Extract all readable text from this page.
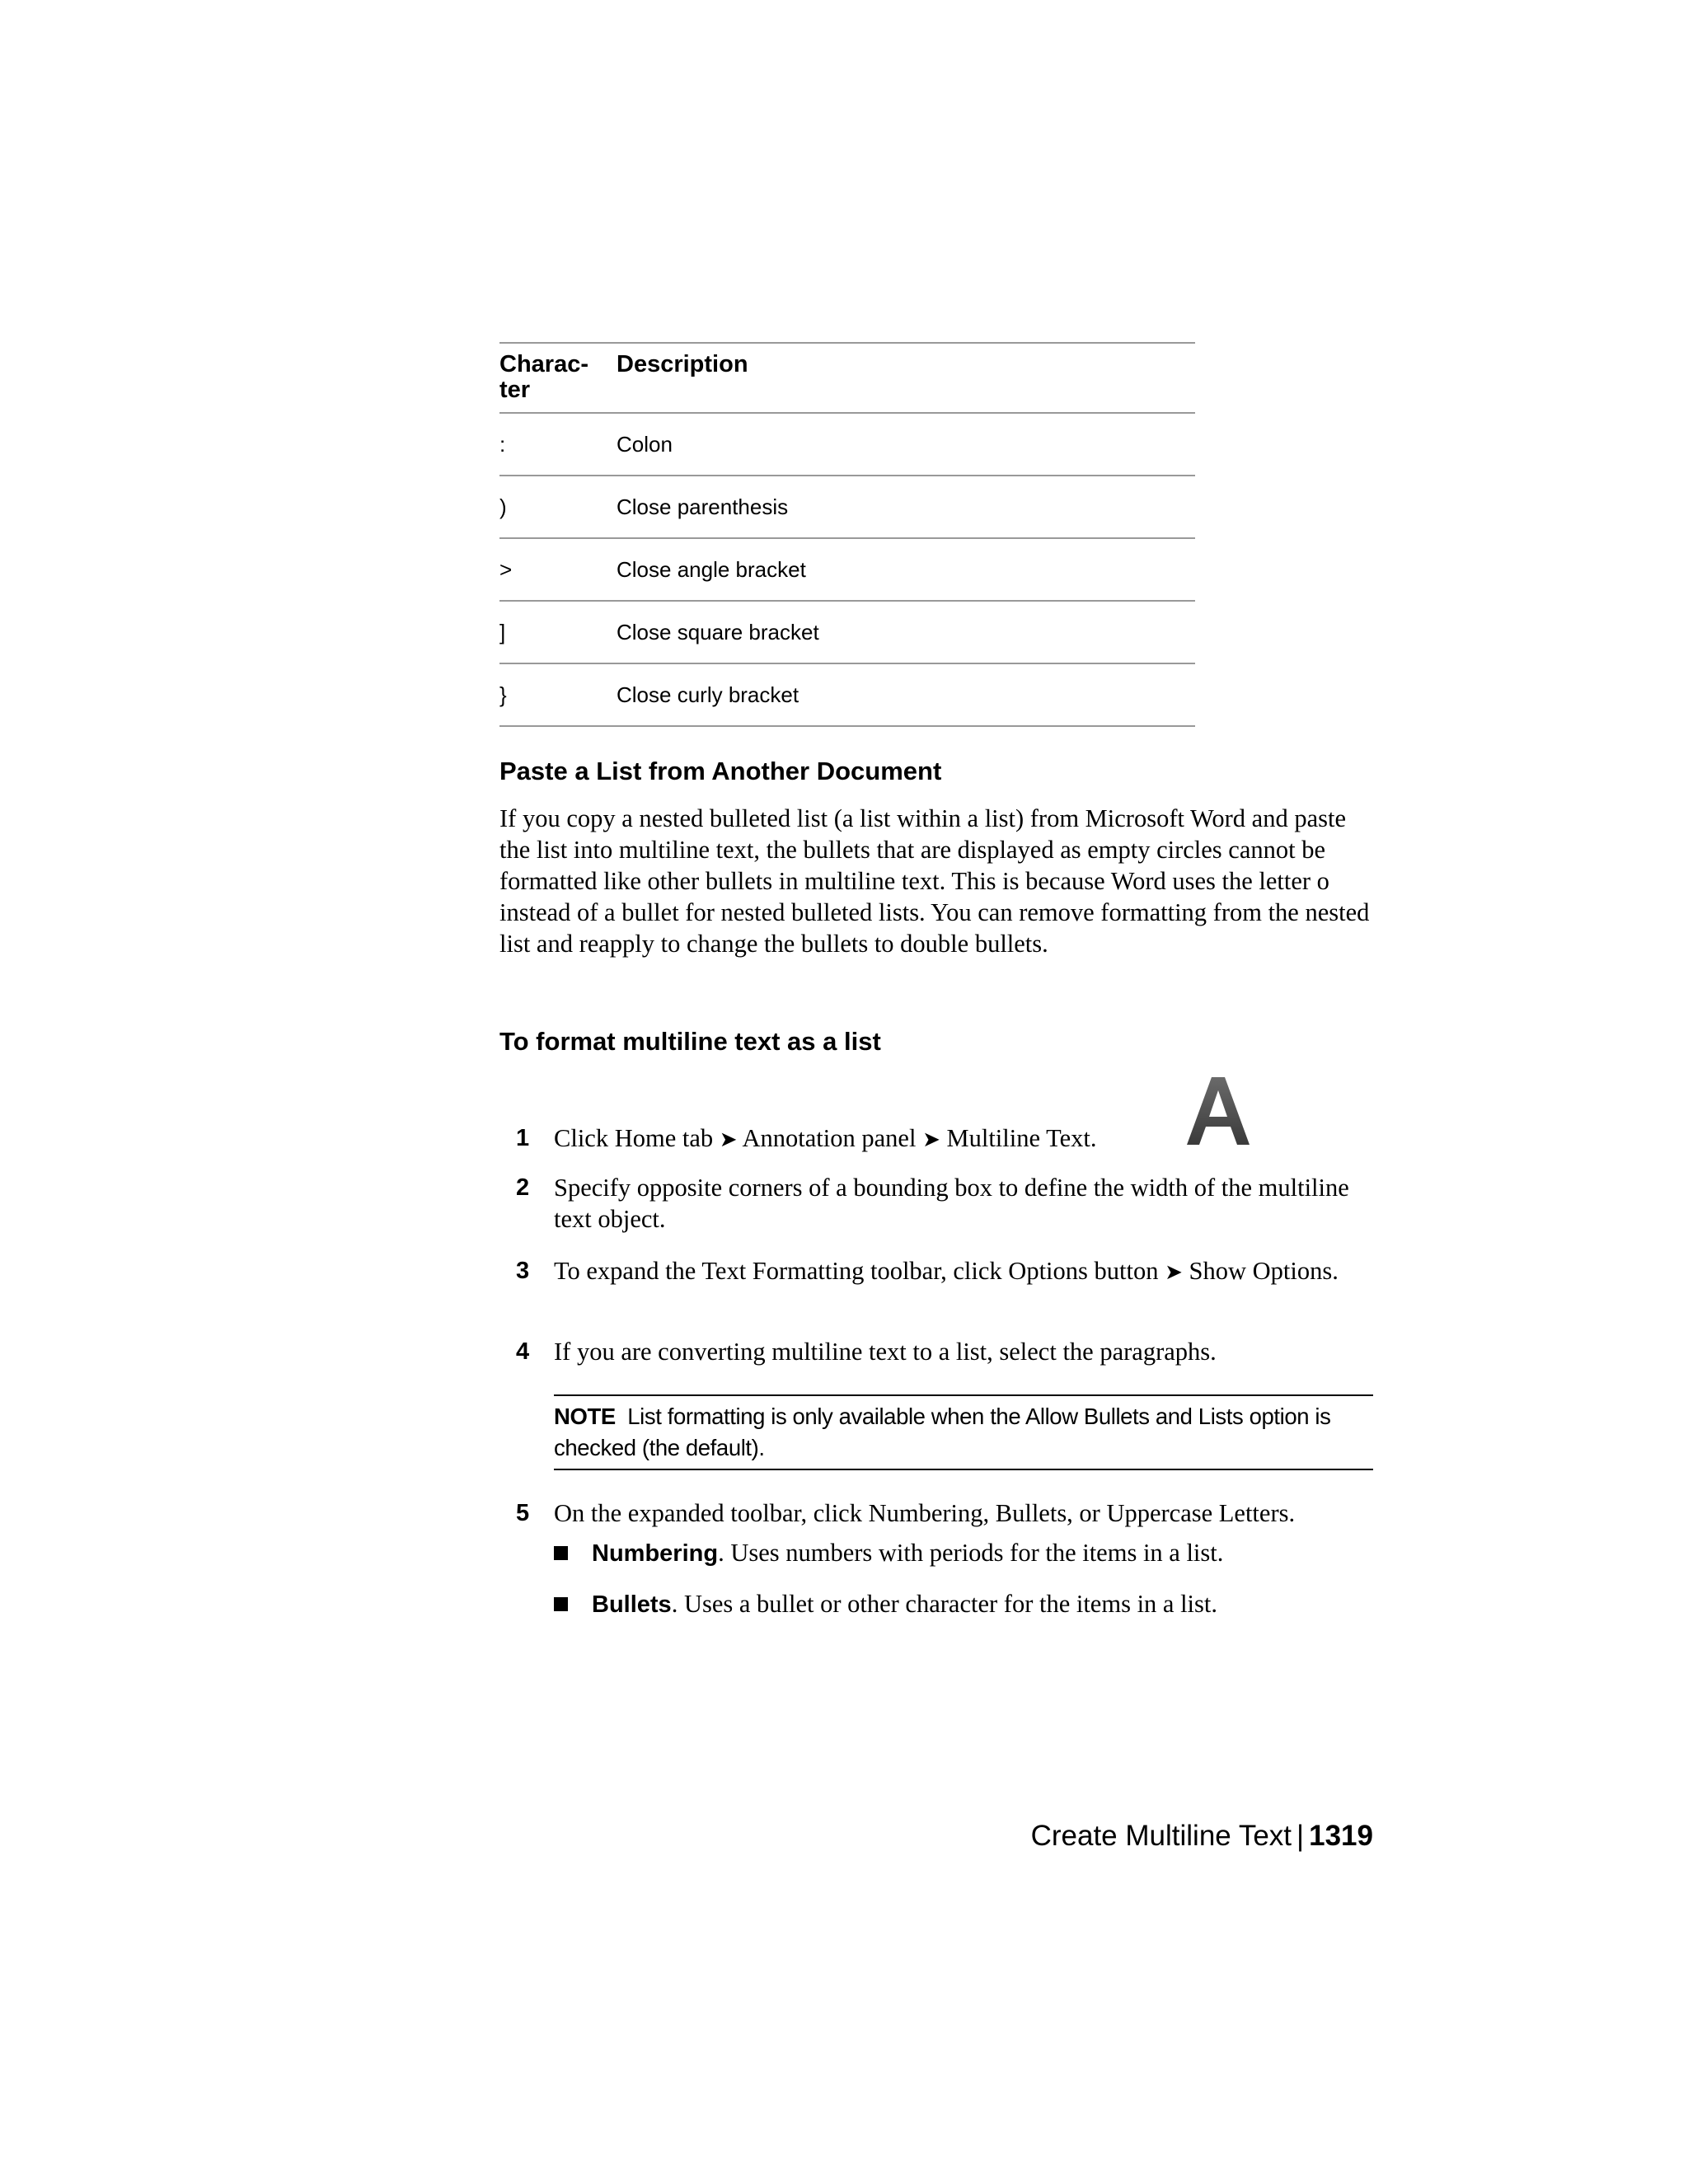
Charac-
ter	Description
:	Colon
)	Close parenthesis
>	Close angle bracket
]	Close square bracket
}	Close curly bracket
Paste a List from Another Document

If you copy a nested bulleted list (a list within a list) from Microsoft Word and paste the list into multiline text, the bullets that are displayed as empty circles cannot be formatted like other bullets in multiline text. This is because Word uses the letter o instead of a bullet for nested bulleted lists. You can remove formatting from the nested list and reapply to change the bullets to double bullets.

To format multiline text as a list
1 Click Home tab ➤ Annotation panel ➤ Multiline Text.
2 Specify opposite corners of a bounding box to define the width of the multiline text object.
3 To expand the Text Formatting toolbar, click Options button ➤ Show Options.
4 If you are converting multiline text to a list, select the paragraphs.
NOTE List formatting is only available when the Allow Bullets and Lists option is checked (the default).
5 On the expanded toolbar, click Numbering, Bullets, or Uppercase Letters.
Numbering. Uses numbers with periods for the items in a list.
Bullets. Uses a bullet or other character for the items in a list.
Create Multiline Text | 1319
